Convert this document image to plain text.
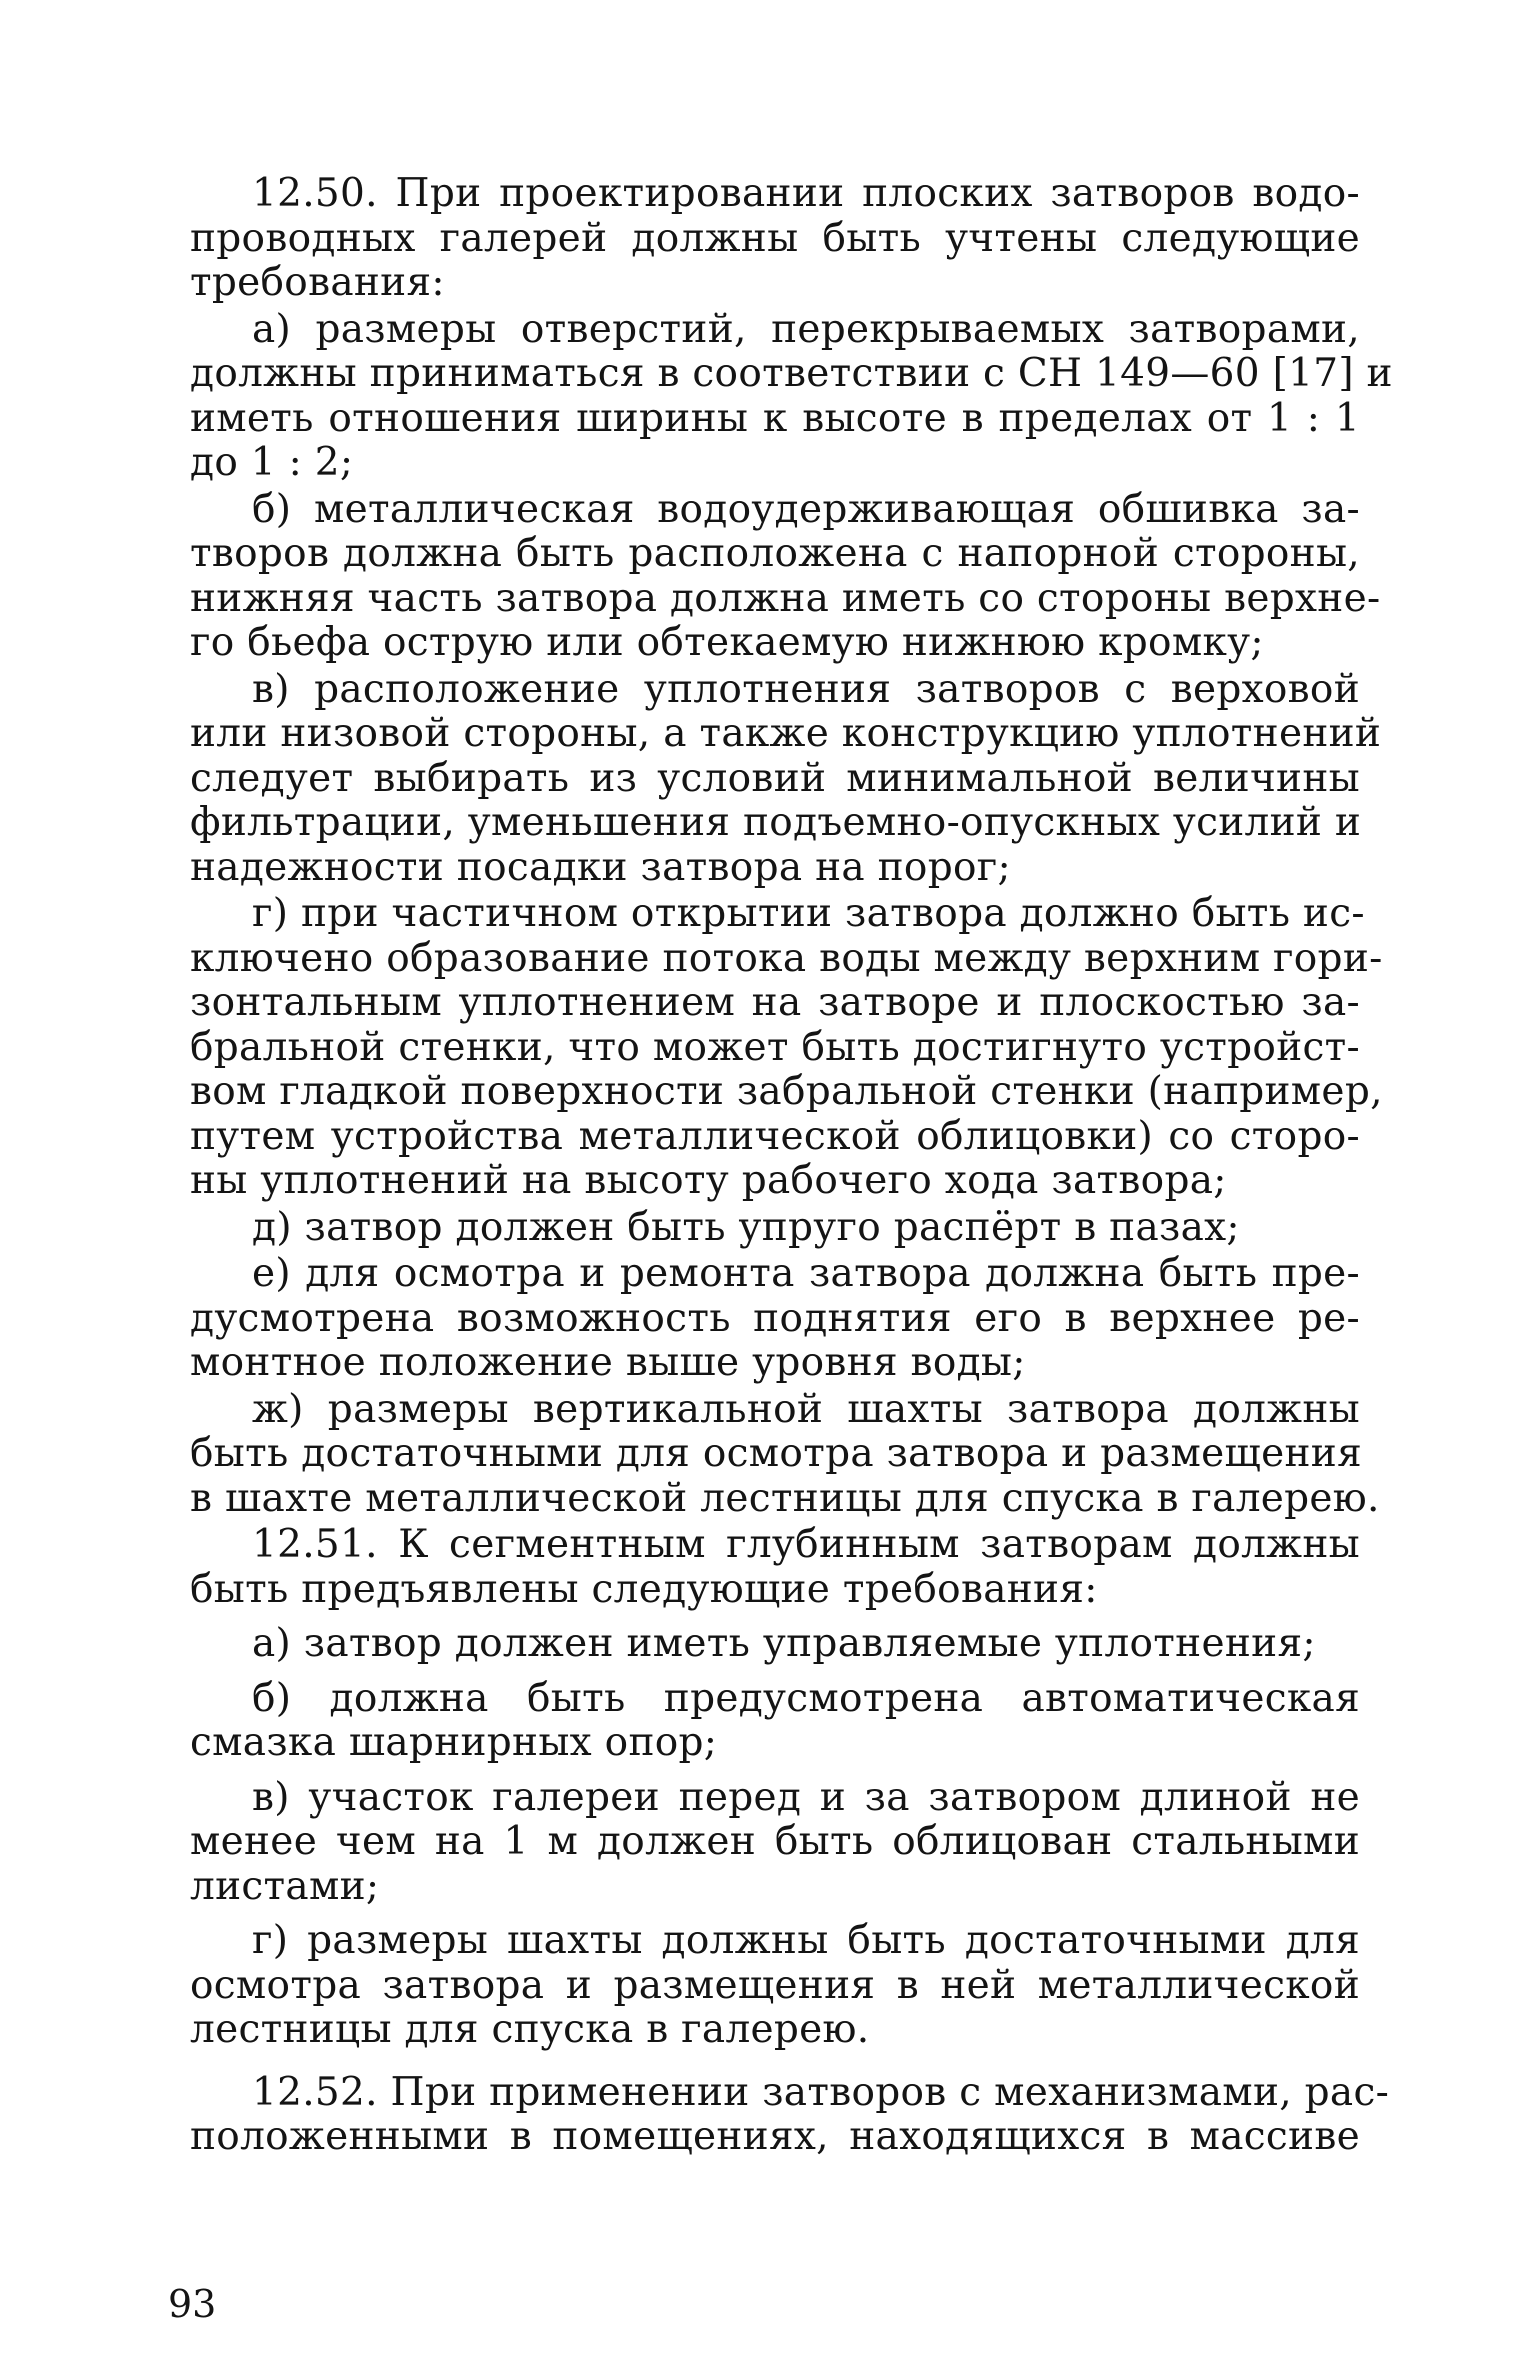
12.50. При проектировании плоских затворов водо-
проводных галерей должны быть учтены следующие
требования:

а) размеры отверстий, перекрываемых затворами,
должны приниматься в соответствии с СН 149—60 [17] и
иметь отношения ширины к высоте в пределах от 1 : 1
до 1 : 2;

б) металлическая водоудерживающая обшивка за-
творов должна быть расположена с напорной стороны,
нижняя часть затвора должна иметь со стороны верхне-
го бьефа острую или обтекаемую нижнюю кромку;

в) расположение уплотнения затворов с верховой
или низовой стороны, а также конструкцию уплотнений
следует выбирать из условий минимальной величины
фильтрации, уменьшения подъемно-опускных усилий и
надежности посадки затвора на порог;

г) при частичном открытии затвора должно быть ис-
ключено образование потока воды между верхним гори-
зонтальным уплотнением на затворе и плоскостью за-
бральной стенки, что может быть достигнуто устройст-
вом гладкой поверхности забральной стенки (например,
путем устройства металлической облицовки) со сторо-
ны уплотнений на высоту рабочего хода затвора;

д) затвор должен быть упруго распёрт в пазах;

е) для осмотра и ремонта затвора должна быть пре-
дусмотрена возможность поднятия его в верхнее ре-
монтное положение выше уровня воды;

ж) размеры вертикальной шахты затвора должны
быть достаточными для осмотра затвора и размещения
в шахте металлической лестницы для спуска в галерею.

12.51. К сегментным глубинным затворам должны
быть предъявлены следующие требования:

а) затвор должен иметь управляемые уплотнения;

б) должна быть предусмотрена автоматическая
смазка шарнирных опор;

в) участок галереи перед и за затвором длиной не
менее чем на 1 м должен быть облицован стальными
листами;

г) размеры шахты должны быть достаточными для
осмотра затвора и размещения в ней металлической
лестницы для спуска в галерею.

12.52. При применении затворов с механизмами, рас-
положенными в помещениях, находящихся в массиве

93
